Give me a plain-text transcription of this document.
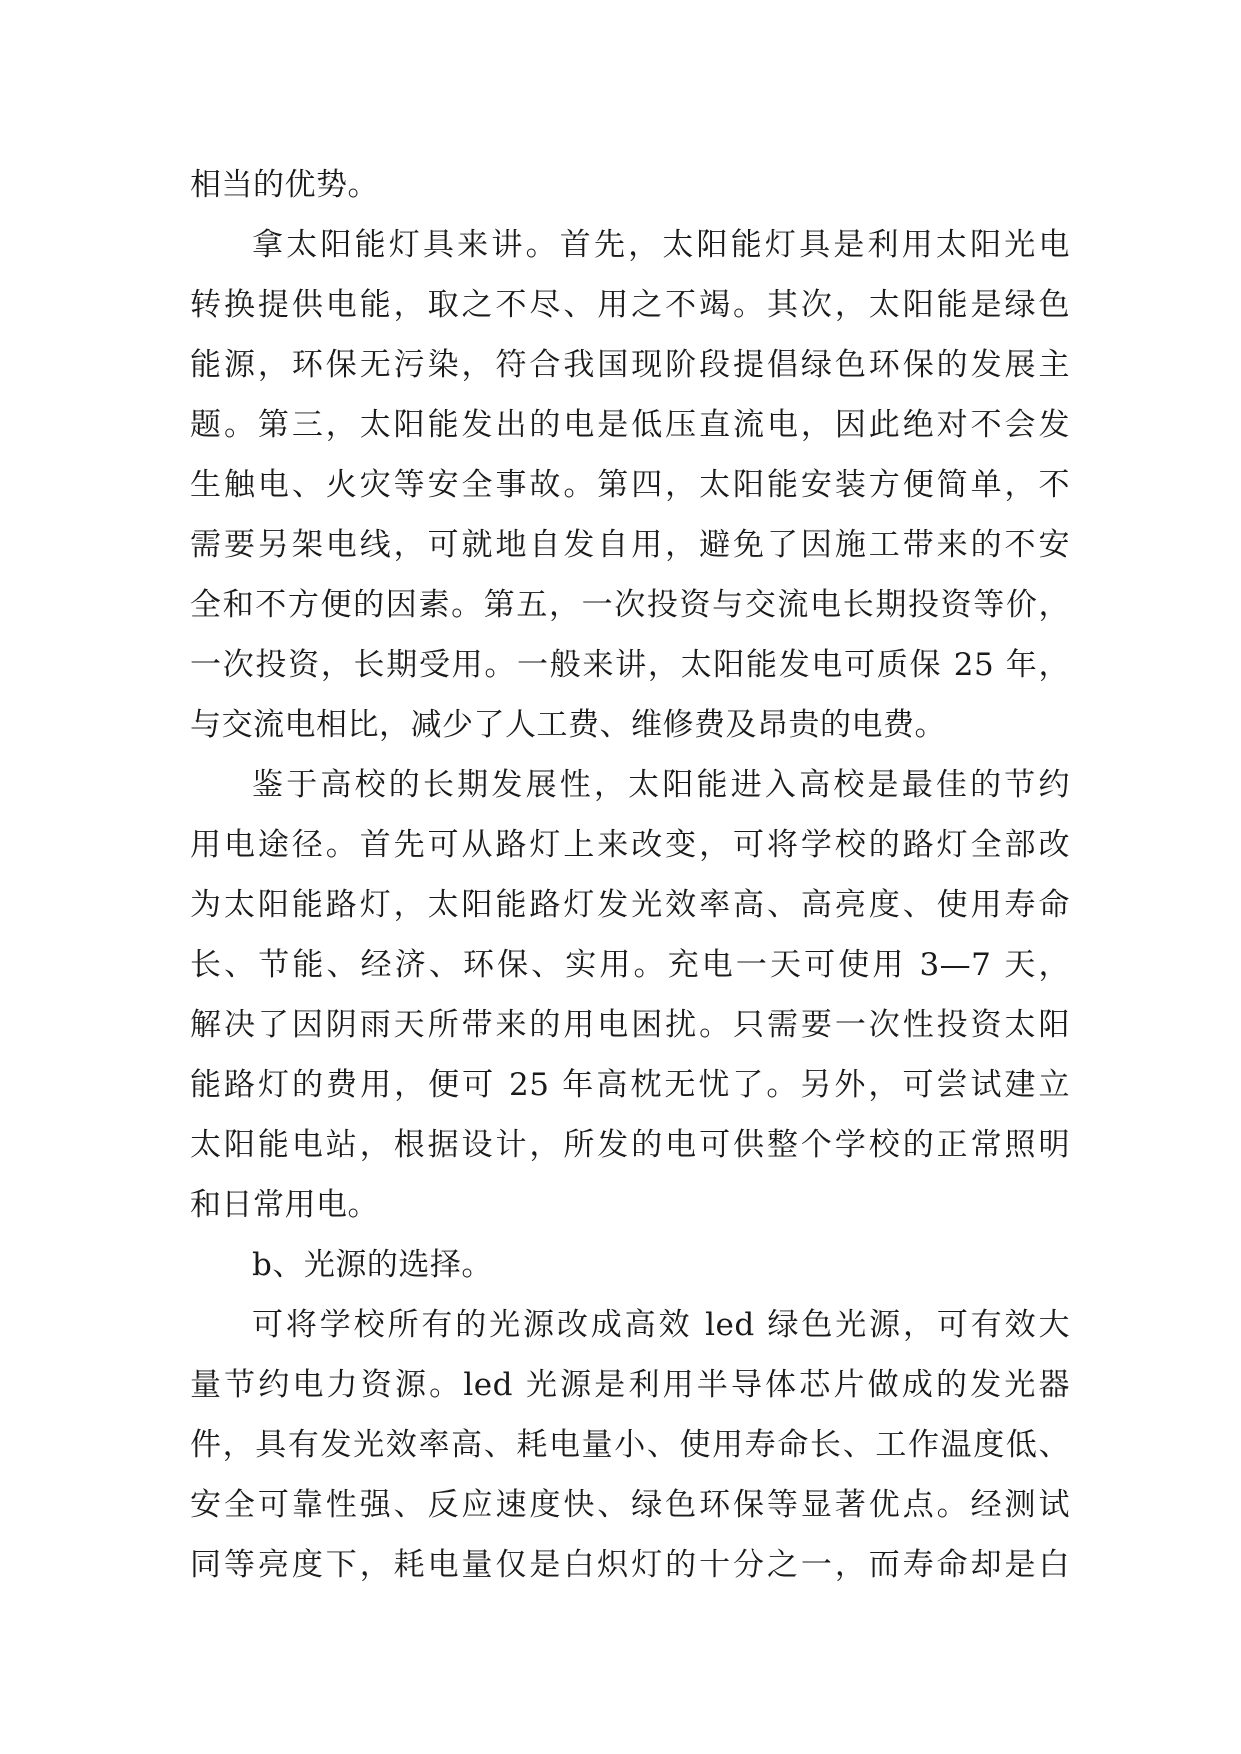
相当的优势。
拿太阳能灯具来讲。首先，太阳能灯具是利用太阳光电
转换提供电能，取之不尽、用之不竭。其次，太阳能是绿色
能源，环保无污染，符合我国现阶段提倡绿色环保的发展主
题。第三，太阳能发出的电是低压直流电，因此绝对不会发
生触电、火灾等安全事故。第四，太阳能安装方便简单，不
需要另架电线，可就地自发自用，避免了因施工带来的不安
全和不方便的因素。第五，一次投资与交流电长期投资等价，
一次投资，长期受用。一般来讲，太阳能发电可质保 25 年，
与交流电相比，减少了人工费、维修费及昂贵的电费。
鉴于高校的长期发展性，太阳能进入高校是最佳的节约
用电途径。首先可从路灯上来改变，可将学校的路灯全部改
为太阳能路灯，太阳能路灯发光效率高、高亮度、使用寿命
长、节能、经济、环保、实用。充电一天可使用 3—7 天，
解决了因阴雨天所带来的用电困扰。只需要一次性投资太阳
能路灯的费用，便可 25 年高枕无忧了。另外，可尝试建立
太阳能电站，根据设计，所发的电可供整个学校的正常照明
和日常用电。
b、光源的选择。
可将学校所有的光源改成高效 led 绿色光源，可有效大
量节约电力资源。led 光源是利用半导体芯片做成的发光器
件，具有发光效率高、耗电量小、使用寿命长、工作温度低、
安全可靠性强、反应速度快、绿色环保等显著优点。经测试
同等亮度下，耗电量仅是白炽灯的十分之一，而寿命却是白
